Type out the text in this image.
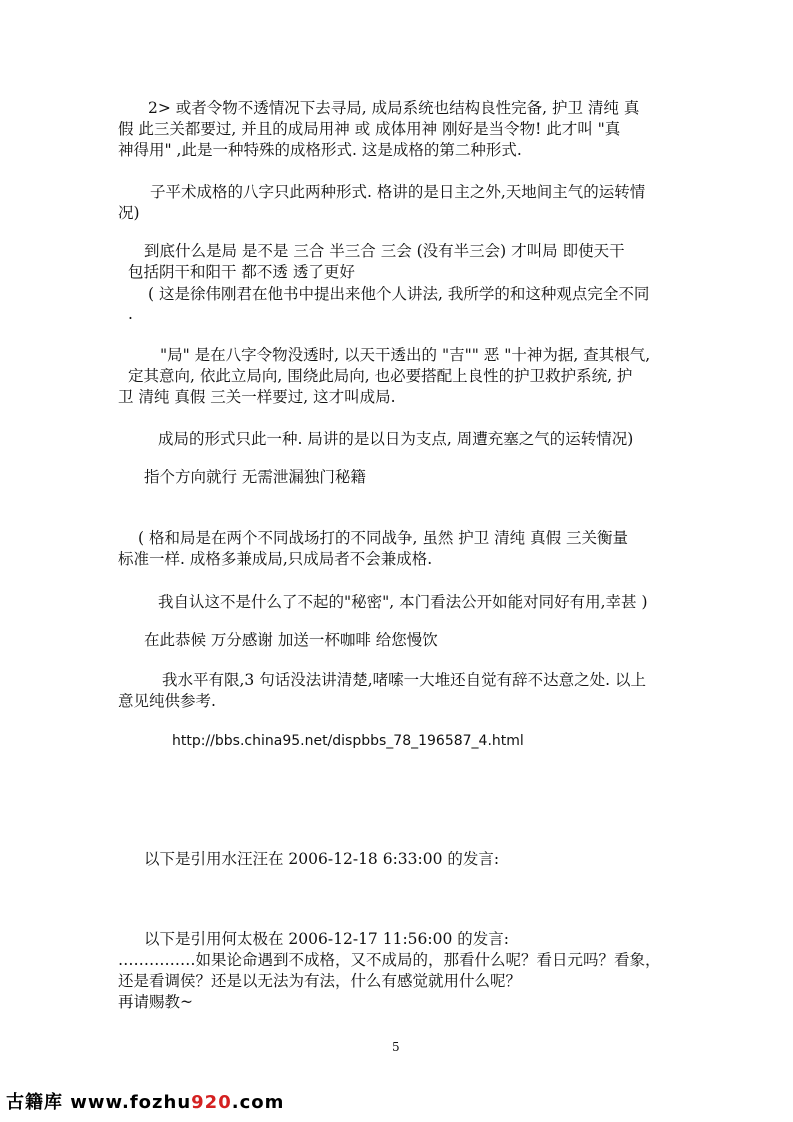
2> 或者令物不透情况下去寻局, 成局系统也结构良性完备, 护卫 清纯 真
假 此三关都要过, 并且的成局用神 或 成体用神 刚好是当令物! 此才叫 "真
神得用" ,此是一种特殊的成格形式. 这是成格的第二种形式.
子平术成格的八字只此两种形式. 格讲的是日主之外,天地间主气的运转情
况)
到底什么是局 是不是 三合 半三合 三会 (没有半三会) 才叫局 即使天干
包括阴干和阳干 都不透 透了更好
( 这是徐伟刚君在他书中提出来他个人讲法, 我所学的和这种观点完全不同
.
"局" 是在八字令物没透时, 以天干透出的 "吉"" 恶 "十神为据, 查其根气,
定其意向, 依此立局向, 围绕此局向, 也必要搭配上良性的护卫救护系统, 护
卫 清纯 真假 三关一样要过, 这才叫成局.
成局的形式只此一种. 局讲的是以日为支点, 周遭充塞之气的运转情况)
指个方向就行 无需泄漏独门秘籍
( 格和局是在两个不同战场打的不同战争, 虽然 护卫 清纯 真假 三关衡量
标准一样. 成格多兼成局,只成局者不会兼成格.
我自认这不是什么了不起的"秘密", 本门看法公开如能对同好有用,幸甚 )
在此恭候 万分感谢 加送一杯咖啡 给您慢饮
我水平有限,3 句话没法讲清楚,啫嗦一大堆还自觉有辞不达意之处. 以上
意见纯供参考.
http://bbs.china95.net/dispbbs_78_196587_4.html
以下是引用水汪汪在 2006-12-18 6:33:00 的发言:
以下是引用何太极在 2006-12-17 11:56:00 的发言:
……………如果论命遇到不成格，又不成局的，那看什么呢？看日元吗？看象，
还是看调侯？还是以无法为有法，什么有感觉就用什么呢？
再请赐教~
5
古籍库 www.fozhu920.com
